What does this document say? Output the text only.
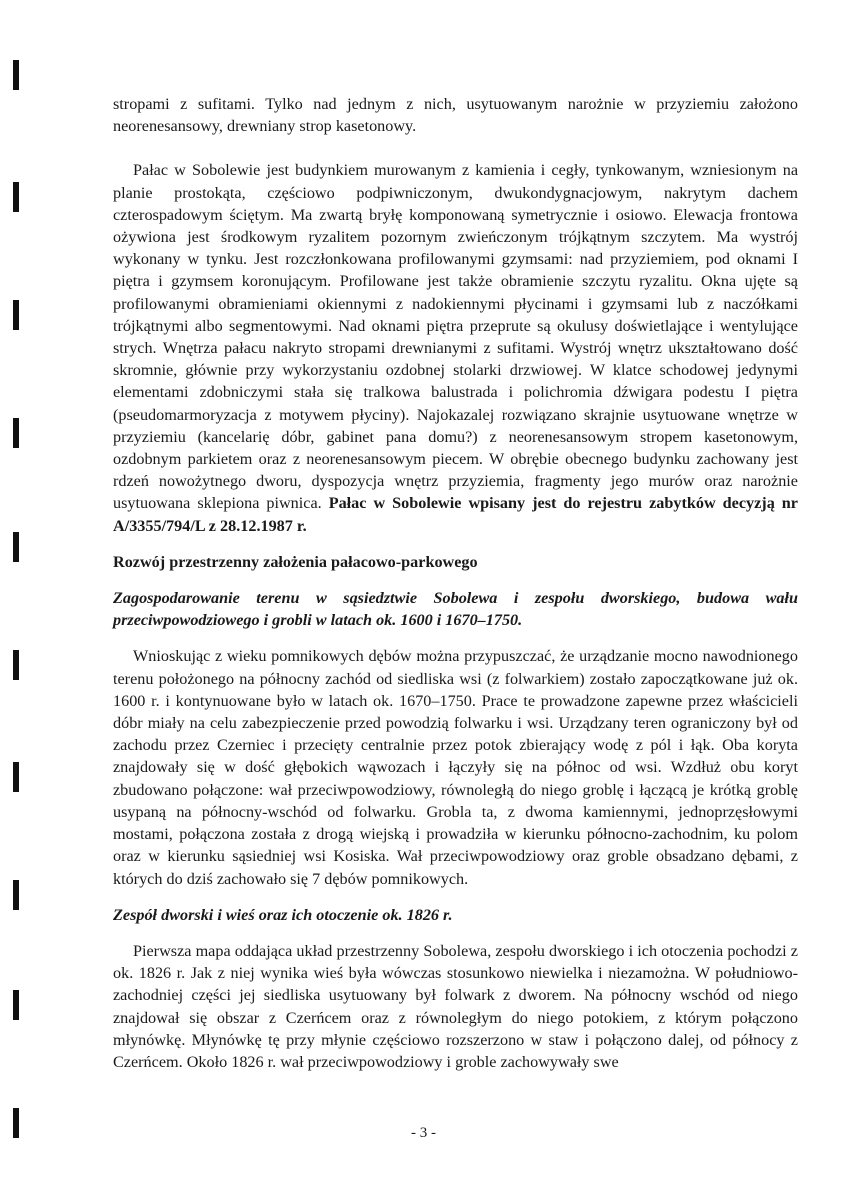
stropami z sufitami. Tylko nad jednym z nich, usytuowanym narożnie w przyziemiu założono neorenesansowy, drewniany strop kasetonowy.

Pałac w Sobolewie jest budynkiem murowanym z kamienia i cegły, tynkowanym, wzniesionym na planie prostokąta, częściowo podpiwniczonym, dwukondygnacjowym, nakrytym dachem czterospadowym ściętym. Ma zwartą bryłę komponowaną symetrycznie i osiowo. Elewacja frontowa ożywiona jest środkowym ryzalitem pozornym zwieńczonym trójkątnym szczytem. Ma wystrój wykonany w tynku. Jest rozczłonkowana profilowanymi gzymsami: nad przyziemiem, pod oknami I piętra i gzymsem koronującym. Profilowane jest także obramienie szczytu ryzalitu. Okna ujęte są profilowanymi obramieniami okiennymi z nadokiennymi płycinami i gzymsami lub z naczółkami trójkątnymi albo segmentowymi. Nad oknami piętra przeprute są okulusy doświetlające i wentylujące strych. Wnętrza pałacu nakryto stropami drewnianymi z sufitami. Wystrój wnętrz ukształtowano dość skromnie, głównie przy wykorzystaniu ozdobnej stolarki drzwiowej. W klatce schodowej jedynymi elementami zdobniczymi stała się tralkowa balustrada i polichromia dźwigara podestu I piętra (pseudomarmoryzacja z motywem płyciny). Najokazalej rozwiązano skrajnie usytuowane wnętrze w przyziemiu (kancelarię dóbr, gabinet pana domu?) z neorenesansowym stropem kasetonowym, ozdobnym parkietem oraz z neorenesansowym piecem. W obrębie obecnego budynku zachowany jest rdzeń nowożytnego dworu, dyspozycja wnętrz przyziemia, fragmenty jego murów oraz narożnie usytuowana sklepiona piwnica. Pałac w Sobolewie wpisany jest do rejestru zabytków decyzją nr A/3355/794/L z 28.12.1987 r.

Rozwój przestrzenny założenia pałacowo-parkowego
Zagospodarowanie terenu w sąsiedztwie Sobolewa i zespołu dworskiego, budowa wału przeciwpowodziowego i grobli w latach ok. 1600 i 1670–1750.

Wnioskując z wieku pomnikowych dębów można przypuszczać, że urządzanie mocno nawodnionego terenu położonego na północny zachód od siedliska wsi (z folwarkiem) zostało zapoczątkowane już ok. 1600 r. i kontynuowane było w latach ok. 1670–1750. Prace te prowadzone zapewne przez właścicieli dóbr miały na celu zabezpieczenie przed powodzią folwarku i wsi. Urządzany teren ograniczony był od zachodu przez Czerniec i przecięty centralnie przez potok zbierający wodę z pól i łąk. Oba koryta znajdowały się w dość głębokich wąwozach i łączyły się na północ od wsi. Wzdłuż obu koryt zbudowano połączone: wał przeciwpowodziowy, równoległą do niego groblę i łączącą je krótką groblę usypaną na północny-wschód od folwarku. Grobla ta, z dwoma kamiennymi, jednoprzęsłowymi mostami, połączona została z drogą wiejską i prowadziła w kierunku północno-zachodnim, ku polom oraz w kierunku sąsiedniej wsi Kosiska. Wał przeciwpowodziowy oraz groble obsadzano dębami, z których do dziś zachowało się 7 dębów pomnikowych.

Zespół dworski i wieś oraz ich otoczenie ok. 1826 r.

Pierwsza mapa oddająca układ przestrzenny Sobolewa, zespołu dworskiego i ich otoczenia pochodzi z ok. 1826 r. Jak z niej wynika wieś była wówczas stosunkowo niewielka i niezamożna. W południowo-zachodniej części jej siedliska usytuowany był folwark z dworem. Na północny wschód od niego znajdował się obszar z Czerńcem oraz z równoległym do niego potokiem, z którym połączono młynówkę. Młynówkę tę przy młynie częściowo rozszerzono w staw i połączono dalej, od północy z Czerńcem. Około 1826 r. wał przeciwpowodziowy i groble zachowywały swe

- 3 -
